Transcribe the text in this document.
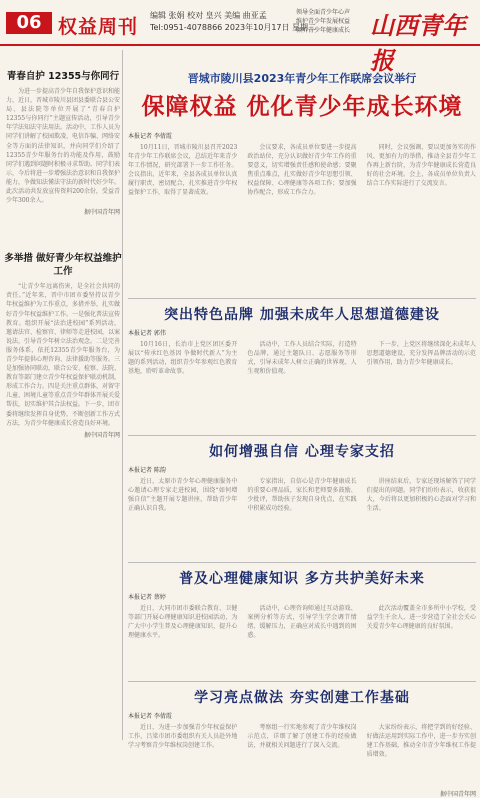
06 权益周刊
编辑 张娟 校对 皇兴 美编 曲亚孟
Tel:0951-4078866 2023年10月17日 星期二
领导全面青少年心声
维护青少年发展权益
倾听青少年健康成长 山西青年报
青春自护 12355与你同行
为进一步提高青少年自我保护意识和能力，近日，晋城市陵川县团县委联合县公安局、县法院等单位开展了“青春自护 12355与你同行”主题宣传活动，引导青少年学法知法守法用法。活动中，工作人员为同学们讲解了校园欺凌、电信诈骗、网络安全等方面的法律知识，并向同学们介绍了12355青少年服务台的功能及作用，鼓励同学们遇到问题时积极寻求帮助。同学们表示，今后将进一步增强法治意识和自我保护能力，争做知法懂法守法的新时代好少年。此次活动共发放宣传资料200余份，受益青少年300余人。
据中国青年网
多举措 做好青少年权益维护工作
“让青少年远离伤害，是全社会共同的责任。”近年来，晋中市团市委坚持以青少年权益维护为工作重点，多措并举，扎实做好青少年权益维护工作。一是强化普法宣传教育。组织开展“法治进校园”系列活动，邀请法官、检察官、律师等走进校园，以案说法，引导青少年树立法治观念。二是完善服务体系，依托12355青少年服务台，为青少年提供心理咨询、法律援助等服务。三是加强协同联动，联合公安、检察、法院、教育等部门建立青少年权益保护联动机制，形成工作合力。四是关注重点群体，对留守儿童、困境儿童等重点青少年群体开展关爱帮扶，切实维护其合法权益。下一步，团市委将继续发挥自身优势，不断创新工作方式方法，为青少年健康成长营造良好环境。
据中国青年网
晋城市陵川县2023年青少年工作联席会议举行
保障权益 优化青少年成长环境
本报记者 李倩霞
10月11日，晋城市陵川县召开2023年青少年工作联席会议，总结近年来青少年工作情况，研究部署下一步工作任务。会议指出，近年来，全县各成员单位认真履行职责，密切配合，扎实推进青少年权益保护工作，取得了显著成效。
会议要求，各成员单位要进一步提高政治站位，充分认识做好青少年工作的重要意义，切实增强责任感和使命感；要聚焦重点难点，扎实做好青少年思想引领、权益保障、心理健康等各项工作；要加强协作配合，形成工作合力。
同时，会议强调，要以更加务实的作风、更加有力的举措，推动全县青少年工作再上新台阶，为青少年健康成长营造良好的社会环境。会上，各成员单位负责人结合工作实际进行了交流发言。
突出特色品牌 加强未成年人思想道德建设
本报记者 郭伟
10月16日，长治市上党区团区委开展以“传承红色基因 争做时代新人”为主题的系列活动，组织青少年参观红色教育基地，聆听革命故事。
活动中，工作人员结合实际，打造特色品牌，通过主题队日、志愿服务等形式，引导未成年人树立正确的世界观、人生观和价值观。
下一步，上党区将继续深化未成年人思想道德建设，充分发挥品牌活动的示范引领作用，助力青少年健康成长。
如何增强自信 心理专家支招
本报记者 陈韵
近日，太原市青少年心理健康服务中心邀请心理专家走进校园，围绕“如何增强自信”主题开展专题讲座，帮助青少年正确认识自我。
专家指出，自信心是青少年健康成长的重要心理品质，家长和老师要多鼓励、少批评，帮助孩子发现自身优点，在实践中积累成功经验。
讲座结束后，专家还现场解答了同学们提出的问题。同学们纷纷表示，收获很大，今后将以更加积极的心态面对学习和生活。
普及心理健康知识 多方共护美好未来
本报记者 蔡婷
近日，大同市团市委联合教育、卫健等部门开展心理健康知识进校园活动，为广大中小学生普及心理健康知识，提升心理健康水平。
活动中，心理咨询师通过互动游戏、案例分析等方式，引导学生学会调节情绪、缓解压力，正确应对成长中遇到的困惑。
此次活动覆盖全市多所中小学校，受益学生千余人，进一步营造了全社会关心关爱青少年心理健康的良好氛围。
学习亮点做法 夯实创建工作基础
本报记者 李倩霞
近日，为进一步加强青少年权益保护工作，吕梁市团市委组织有关人员赴外地学习考察青少年维权岗创建工作。
考察组一行实地参观了青少年维权岗示范点，详细了解了创建工作的经验做法，并就相关问题进行了深入交流。
大家纷纷表示，将把学到的好经验、好做法运用到实际工作中，进一步夯实创建工作基础，推动全市青少年维权工作提质增效。
据中国青年网
